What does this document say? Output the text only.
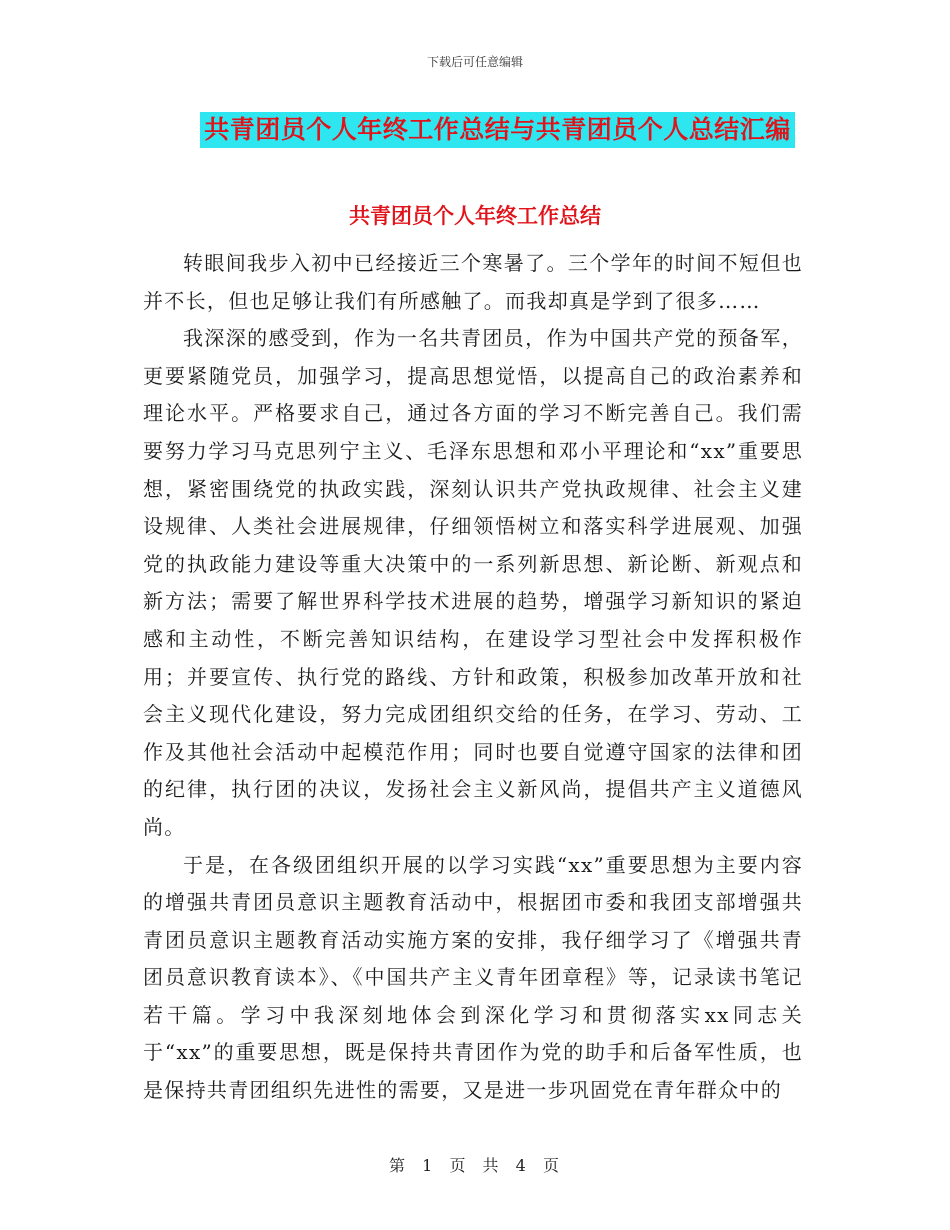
下载后可任意编辑
共青团员个人年终工作总结与共青团员个人总结汇编
共青团员个人年终工作总结

转眼间我步入初中已经接近三个寒暑了。三个学年的时间不短但也并不长，但也足够让我们有所感触了。而我却真是学到了很多……

我深深的感受到，作为一名共青团员，作为中国共产党的预备军，更要紧随党员，加强学习，提高思想觉悟，以提高自己的政治素养和理论水平。严格要求自己，通过各方面的学习不断完善自己。我们需要努力学习马克思列宁主义、毛泽东思想和邓小平理论和“xx”重要思想，紧密围绕党的执政实践，深刻认识共产党执政规律、社会主义建设规律、人类社会进展规律，仔细领悟树立和落实科学进展观、加强党的执政能力建设等重大决策中的一系列新思想、新论断、新观点和新方法；需要了解世界科学技术进展的趋势，增强学习新知识的紧迫感和主动性，不断完善知识结构，在建设学习型社会中发挥积极作用；并要宣传、执行党的路线、方针和政策，积极参加改革开放和社会主义现代化建设，努力完成团组织交给的任务，在学习、劳动、工作及其他社会活动中起模范作用；同时也要自觉遵守国家的法律和团的纪律，执行团的决议，发扬社会主义新风尚，提倡共产主义道德风尚。

于是，在各级团组织开展的以学习实践“xx”重要思想为主要内容的增强共青团员意识主题教育活动中，根据团市委和我团支部增强共青团员意识主题教育活动实施方案的安排，我仔细学习了《增强共青团员意识教育读本》、《中国共产主义青年团章程》等，记录读书笔记若干篇。学习中我深刻地体会到深化学习和贯彻落实xx同志关于“xx”的重要思想，既是保持共青团作为党的助手和后备军性质，也是保持共青团组织先进性的需要，又是进一步巩固党在青年群众中的

第 1 页 共 4 页
